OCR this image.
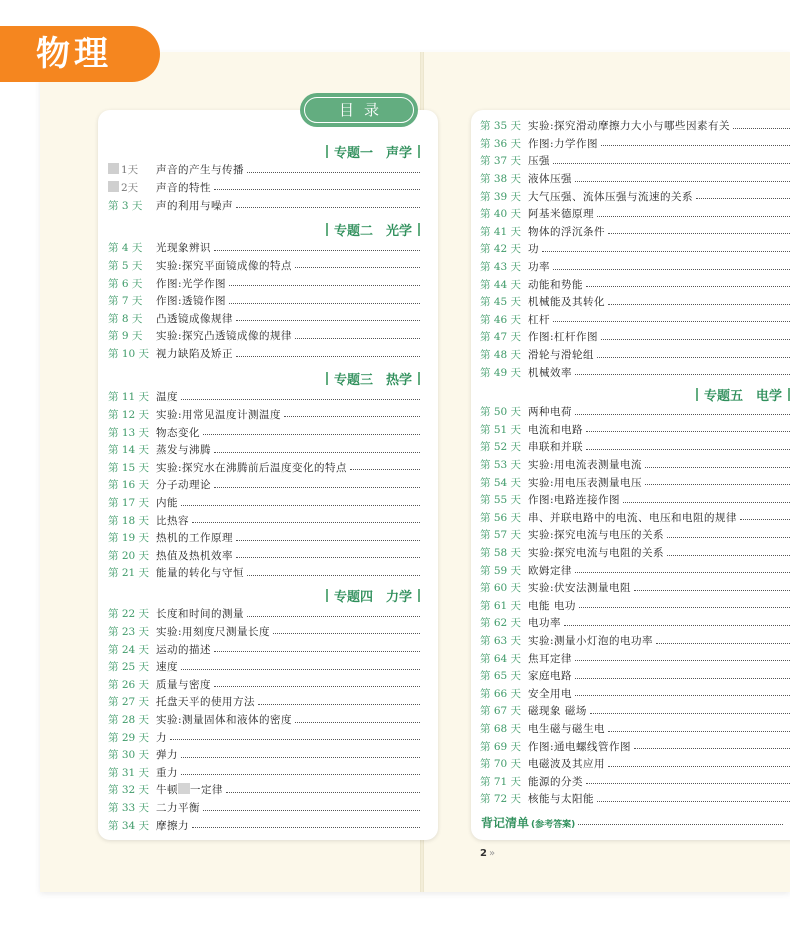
物理
目录
专题一　声学
1天	声音的产生与传播
2天	声音的特性
第 3 天	声的利用与噪声
专题二　光学
第 4 天	光现象辨识
第 5 天	实验:探究平面镜成像的特点
第 6 天	作图:光学作图
第 7 天	作图:透镜作图
第 8 天	凸透镜成像规律
第 9 天	实验:探究凸透镜成像的规律
第 10 天 视力缺陷及矫正
专题三　热学
第 11 天 温度
第 12 天 实验:用常见温度计测温度
第 13 天 物态变化
第 14 天 蒸发与沸腾
第 15 天 实验:探究水在沸腾前后温度变化的特点
第 16 天 分子动理论
第 17 天 内能
第 18 天 比热容
第 19 天 热机的工作原理
第 20 天 热值及热机效率
第 21 天 能量的转化与守恒
专题四　力学
第 22 天 长度和时间的测量
第 23 天 实验:用刻度尺测量长度
第 24 天 运动的描述
第 25 天 速度
第 26 天 质量与密度
第 27 天 托盘天平的使用方法
第 28 天 实验:测量固体和液体的密度
第 29 天 力
第 30 天 弹力
第 31 天 重力
第 32 天 牛顿 一定律
第 33 天 二力平衡
第 34 天 摩擦力
第 35 天 实验:探究滑动摩擦力大小与哪些因素有关
第 36 天 作图:力学作图
第 37 天 压强
第 38 天 液体压强
第 39 天 大气压强、流体压强与流速的关系
第 40 天 阿基米德原理
第 41 天 物体的浮沉条件
第 42 天 功
第 43 天 功率
第 44 天 动能和势能
第 45 天 机械能及其转化
第 46 天 杠杆
第 47 天 作图:杠杆作图
第 48 天 滑轮与滑轮组
第 49 天 机械效率
专题五　电学
第 50 天 两种电荷
第 51 天 电流和电路
第 52 天 串联和并联
第 53 天 实验:用电流表测量电流
第 54 天 实验:用电压表测量电压
第 55 天 作图:电路连接作图
第 56 天 串、并联电路中的电流、电压和电阻的规律
第 57 天 实验:探究电流与电压的关系
第 58 天 实验:探究电流与电阻的关系
第 59 天 欧姆定律
第 60 天 实验:伏安法测量电阻
第 61 天 电能 电功
第 62 天 电功率
第 63 天 实验:测量小灯泡的电功率
第 64 天 焦耳定律
第 65 天 家庭电路
第 66 天 安全用电
第 67 天 磁现象 磁场
第 68 天 电生磁与磁生电
第 69 天 作图:通电螺线管作图
第 70 天 电磁波及其应用
第 71 天 能源的分类
第 72 天 核能与太阳能
背记清单 (参考答案)
2 »
